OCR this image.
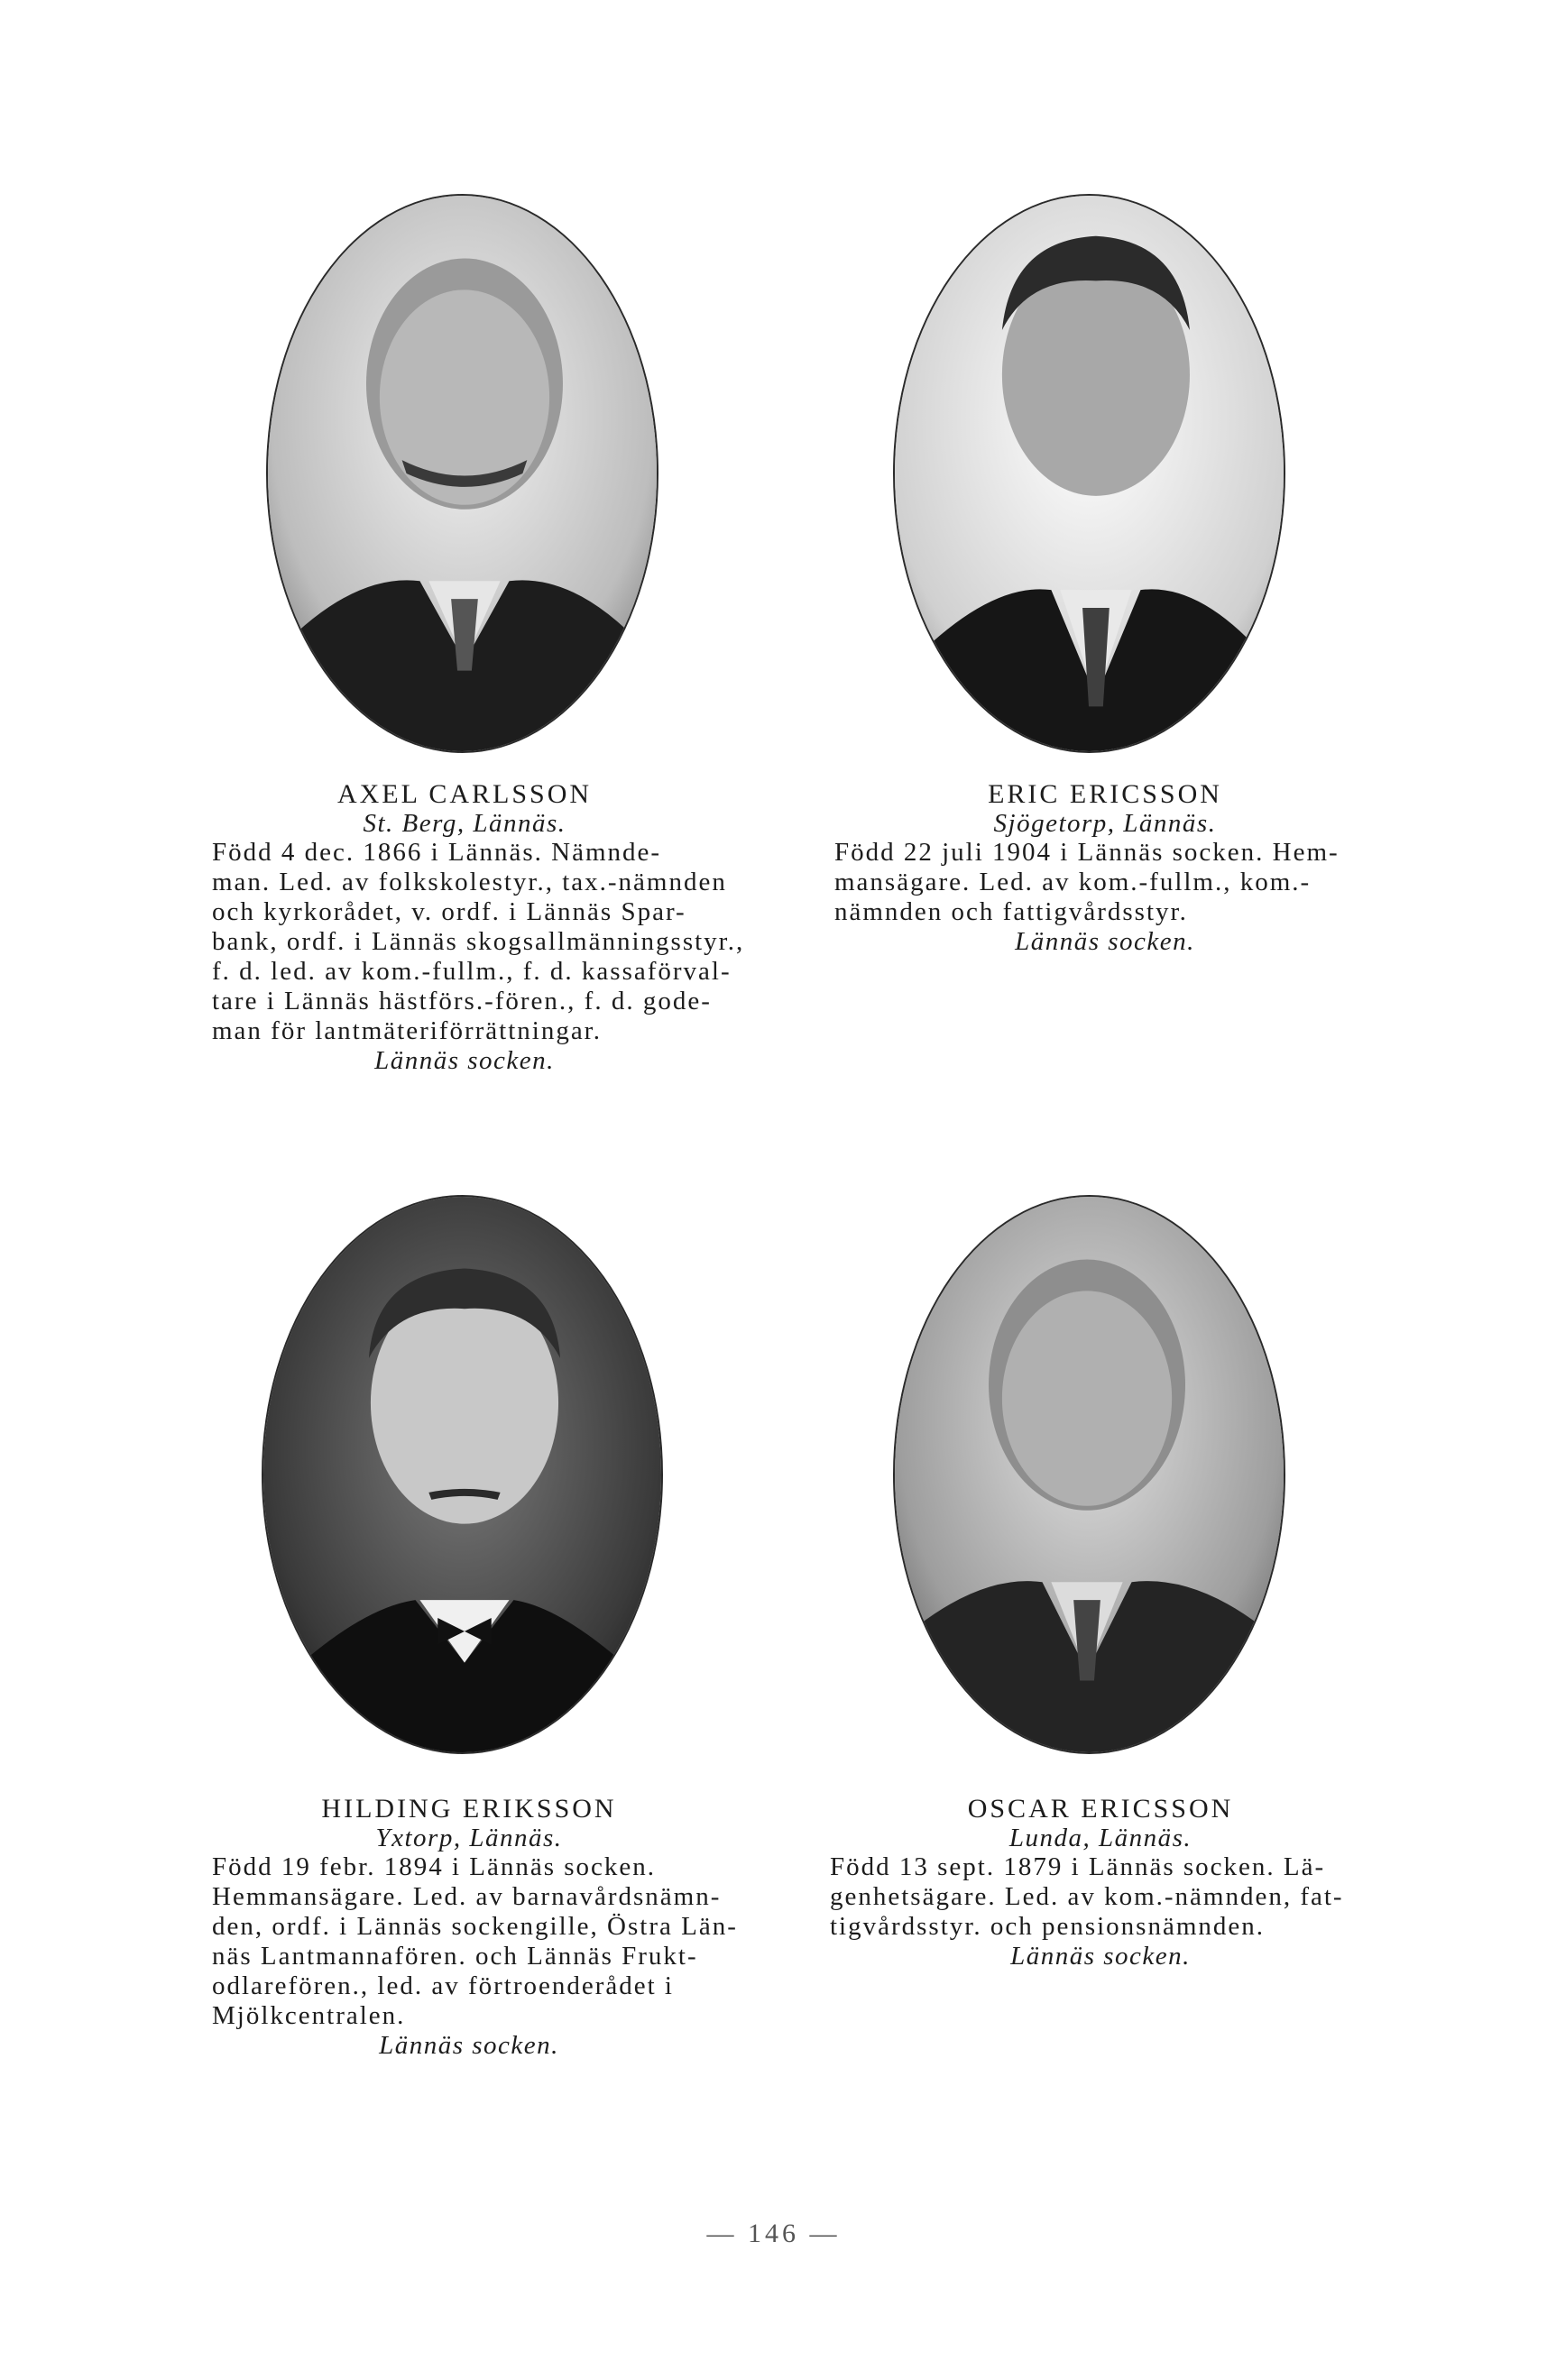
AXEL CARLSSON
St. Berg, Lännäs.
Född 4 dec. 1866 i Lännäs. Nämnde-
man. Led. av folkskolestyr., tax.-nämnden
och kyrkorådet, v. ordf. i Lännäs Spar-
bank, ordf. i Lännäs skogsallmänningsstyr.,
f. d. led. av kom.-fullm., f. d. kassaförval-
tare i Lännäs hästförs.-fören., f. d. gode-
man för lantmäteriförrättningar.
Lännäs socken.
ERIC ERICSSON
Sjögetorp, Lännäs.
Född 22 juli 1904 i Lännäs socken. Hem-
mansägare. Led. av kom.-fullm., kom.-
nämnden och fattigvårdsstyr.
Lännäs socken.
HILDING ERIKSSON
Yxtorp, Lännäs.
Född 19 febr. 1894 i Lännäs socken.
Hemmansägare. Led. av barnavårdsnämn-
den, ordf. i Lännäs sockengille, Östra Län-
näs Lantmannafören. och Lännäs Frukt-
odlarefören., led. av förtroenderådet i
Mjölkcentralen.
Lännäs socken.
OSCAR ERICSSON
Lunda, Lännäs.
Född 13 sept. 1879 i Lännäs socken. Lä-
genhetsägare. Led. av kom.-nämnden, fat-
tigvårdsstyr. och pensionsnämnden.
Lännäs socken.
— 146 —
